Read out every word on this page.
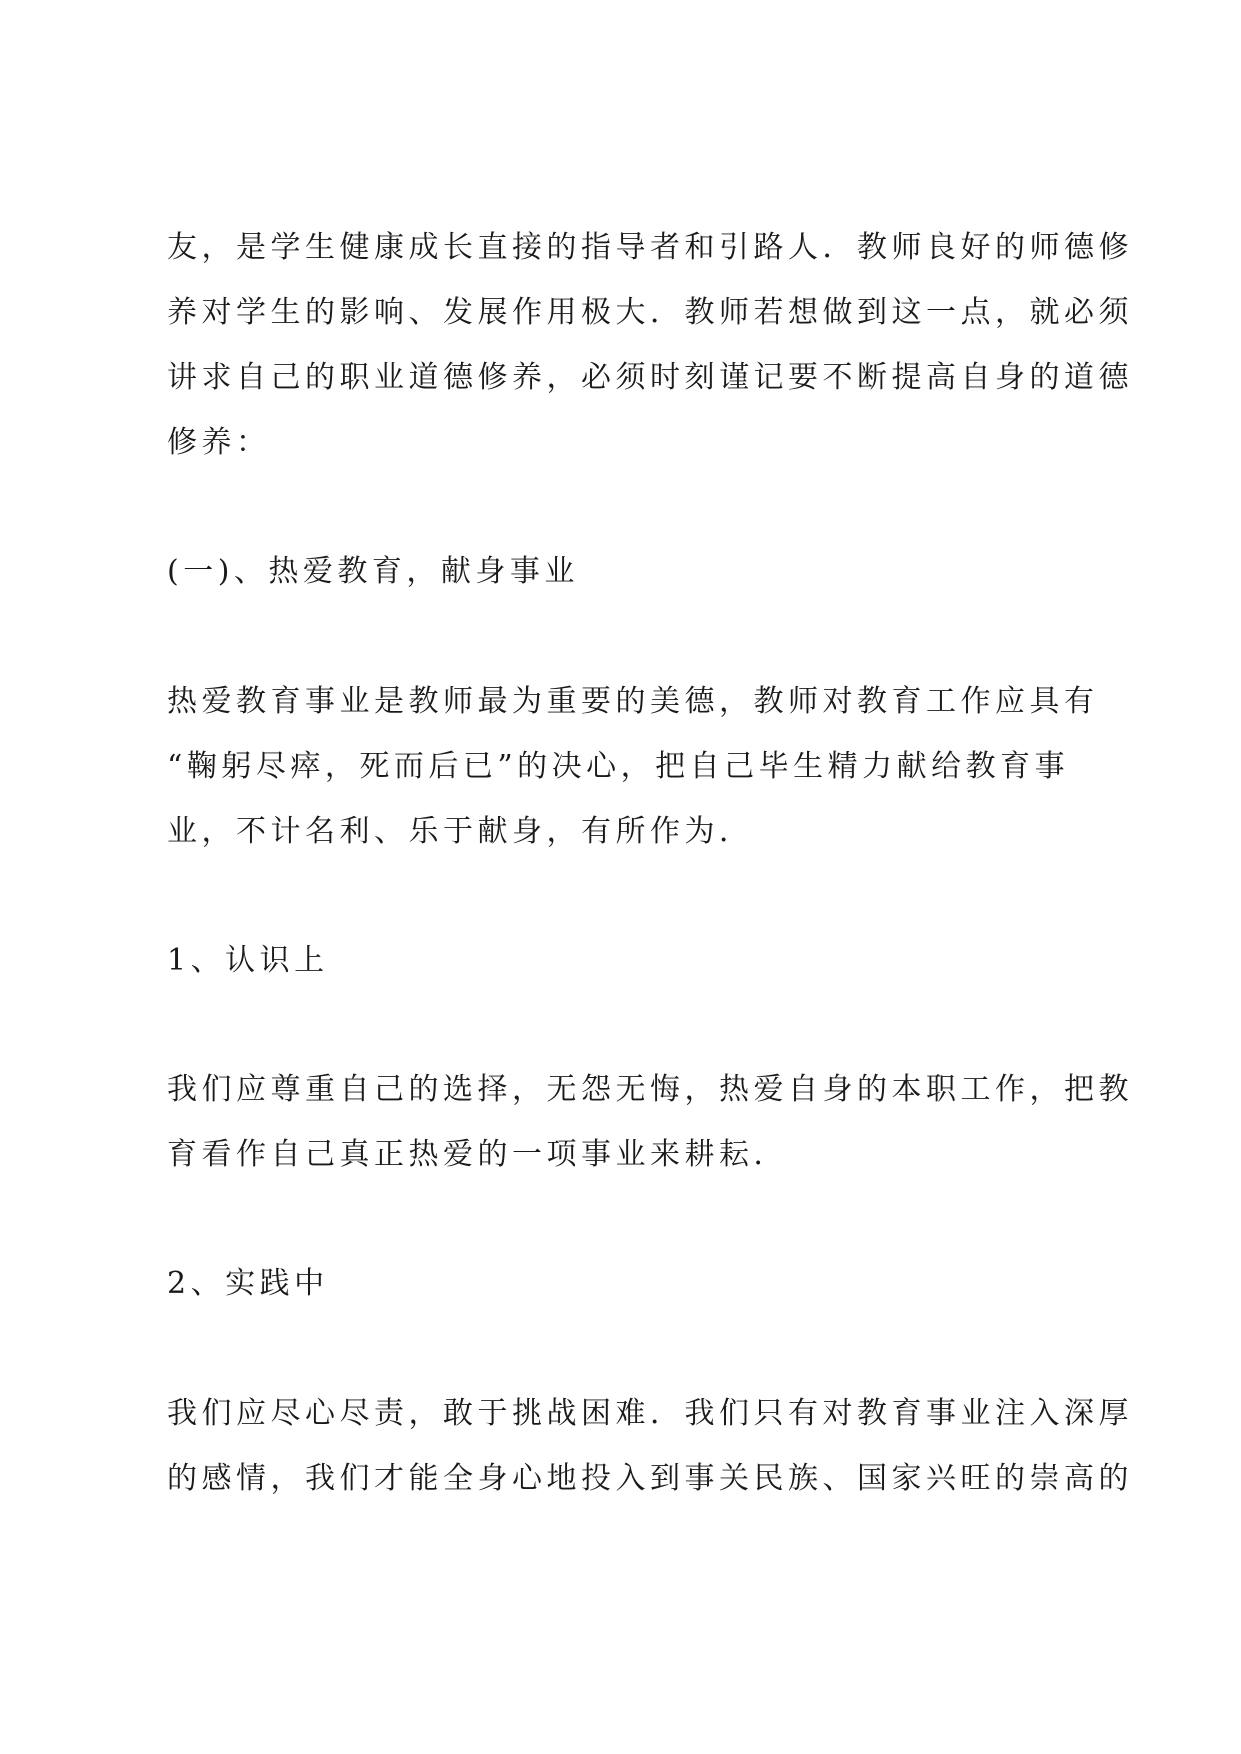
友，是学生健康成长直接的指导者和引路人．教师良好的师德修
养对学生的影响、发展作用极大．教师若想做到这一点，就必须
讲求自己的职业道德修养，必须时刻谨记要不断提高自身的道德
修养：
(一)、热爱教育，献身事业
热爱教育事业是教师最为重要的美德，教师对教育工作应具有
“鞠躬尽瘁，死而后已”的决心，把自己毕生精力献给教育事
业，不计名利、乐于献身，有所作为．
1、认识上
我们应尊重自己的选择，无怨无悔，热爱自身的本职工作，把教
育看作自己真正热爱的一项事业来耕耘．
2、实践中
我们应尽心尽责，敢于挑战困难．我们只有对教育事业注入深厚
的感情，我们才能全身心地投入到事关民族、国家兴旺的崇高的
